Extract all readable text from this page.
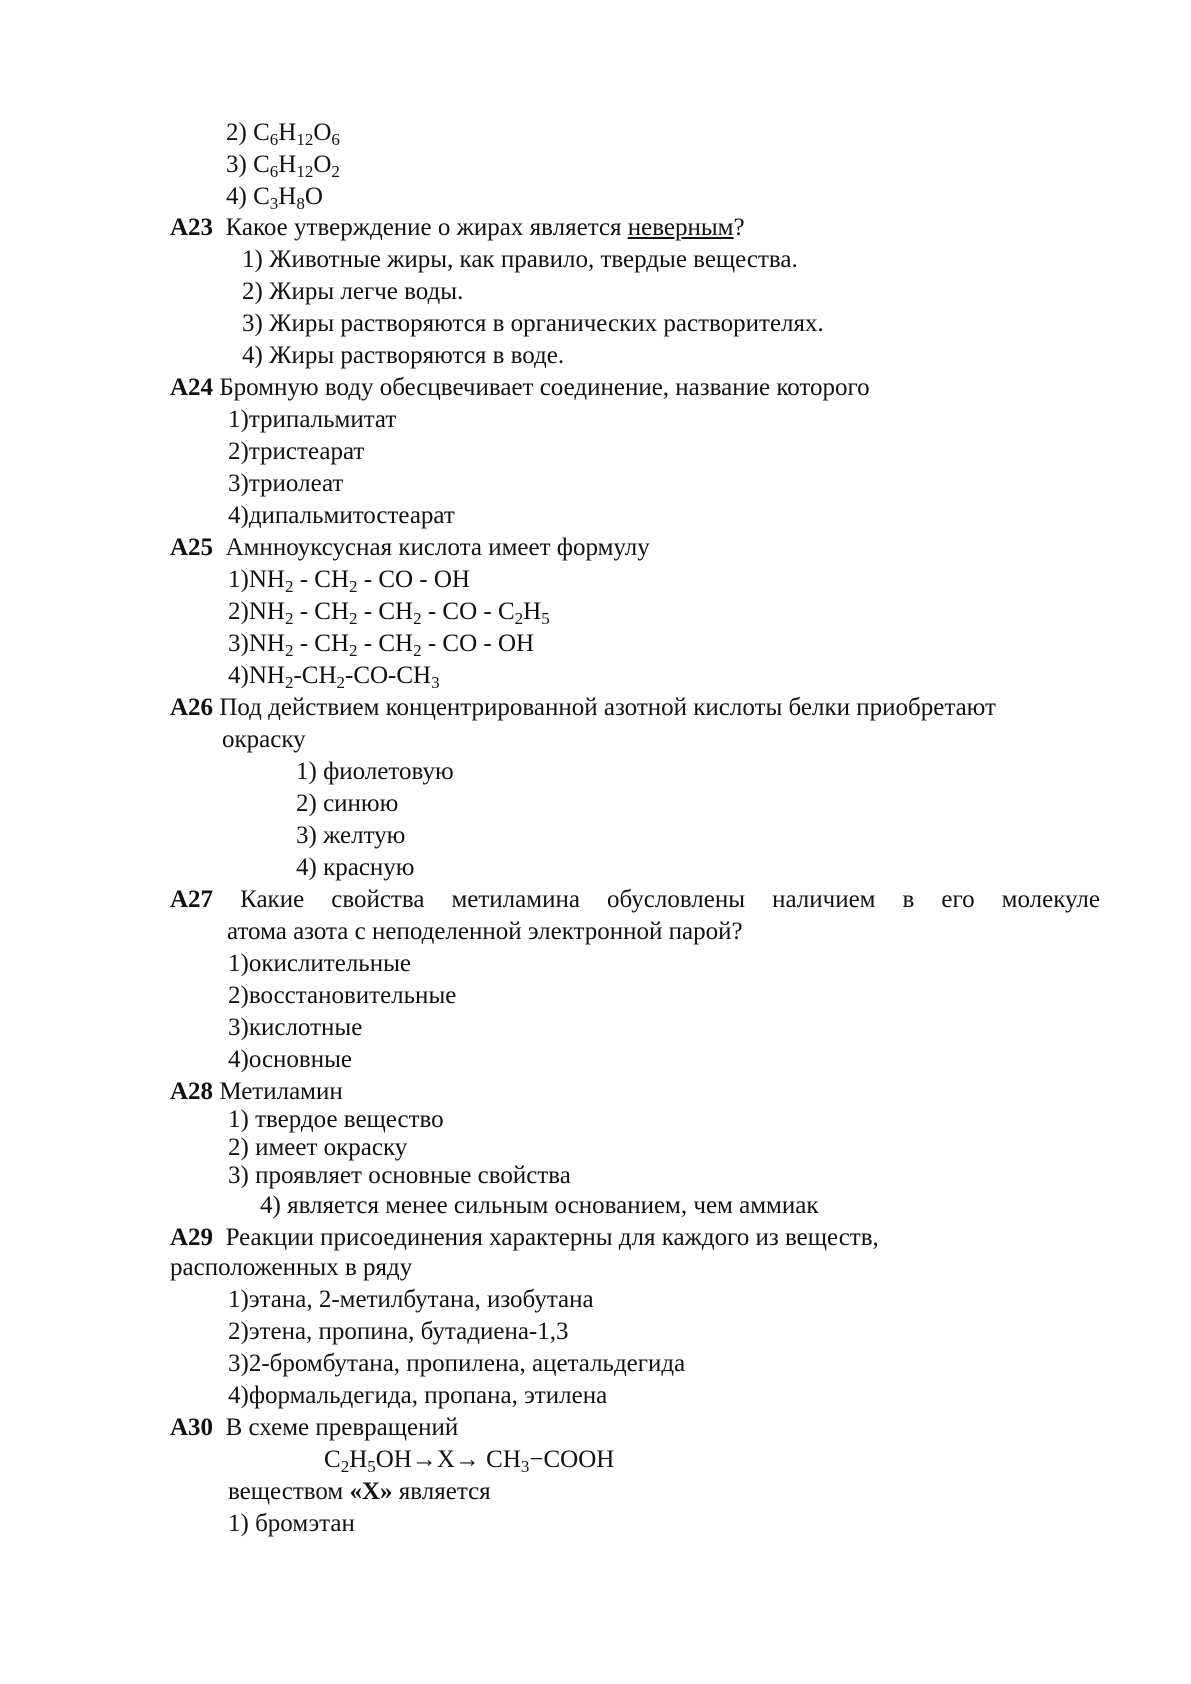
2) $C_6H_{12}O_6$
3) $C_6H_{12}O_2$
4) $C_3H_8O$
A23 Какое утверждение о жирах является неверным?
1) Животные жиры, как правило, твердые вещества.
2) Жиры легче воды.
3) Жиры растворяются в органических растворителях.
4) Жиры растворяются в воде.
A24 Бромную воду обесцвечивает соединение, название которого
1)трипальмитат
2)тристеарат
3)триолеат
4)дипальмитостеарат
A25 Амнноуксусная кислота имеет формулу
$1)NH_2 - CH_2$ - CO - OH
$2)NH_2 - CH_2 - CH_2$ - CO - $C_2H_5$
$3)NH_2 - CH_2 - CH_2$ - CO - OH
$4)NH_2-CH_2-CO-CH_3$
A26 Под действием концентрированной азотной кислоты белки приобретают
окраску
1) фиолетовую
2) синюю
3) желтую
4) красную
A27 Какие свойства метиламина обусловлены наличием в его молекуле
атома азота с неподеленной электронной парой?
1)окислительные
2)восстановительные
3)кислотные
4)основные
A28 Метиламин
1) твердое вещество
2) имеет окраску
3) проявляет основные свойства
4) является менее сильным основанием, чем аммиак
A29 Реакции присоединения характерны для каждого из веществ,
расположенных в ряду
1)этана, 2-метилбутана, изобутана
2)этена, пропина, бутадиена-1,3
3)2-бромбутана, пропилена, ацетальдегида
4)формальдегида, пропана, этилена
A30 В схеме превращений
$C_2H_5OH\to X\to$ $CH_3-COOH$
веществом «X» является
1) бромэтан
